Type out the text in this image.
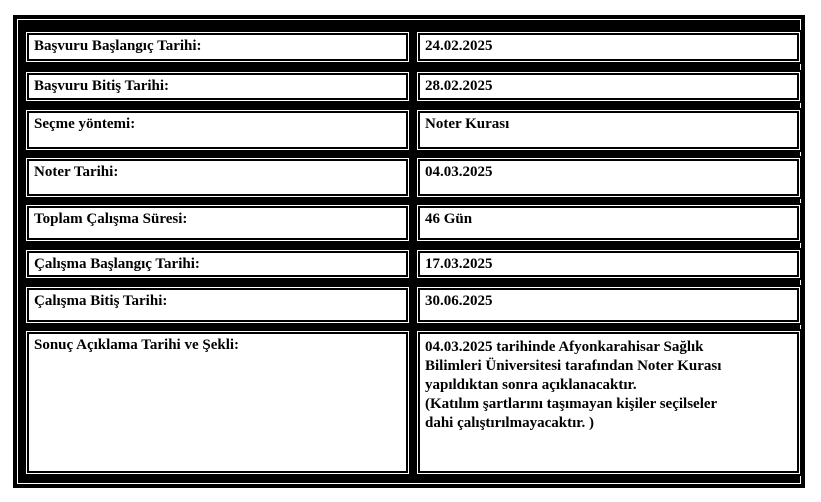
Başvuru Başlangıç Tarihi:	24.02.2025
Başvuru Bitiş Tarihi:	28.02.2025
Seçme yöntemi:	Noter Kurası
Noter Tarihi:	04.03.2025
Toplam Çalışma Süresi:	46 Gün
Çalışma Başlangıç Tarihi:	17.03.2025
Çalışma Bitiş Tarihi:	30.06.2025
Sonuç Açıklama Tarihi ve Şekli:	04.03.2025 tarihinde Afyonkarahisar Sağlık
Bilimleri Üniversitesi tarafından Noter Kurası
yapıldıktan sonra açıklanacaktır.
(Katılım şartlarını taşımayan kişiler seçilseler
dahi çalıştırılmayacaktır. )
